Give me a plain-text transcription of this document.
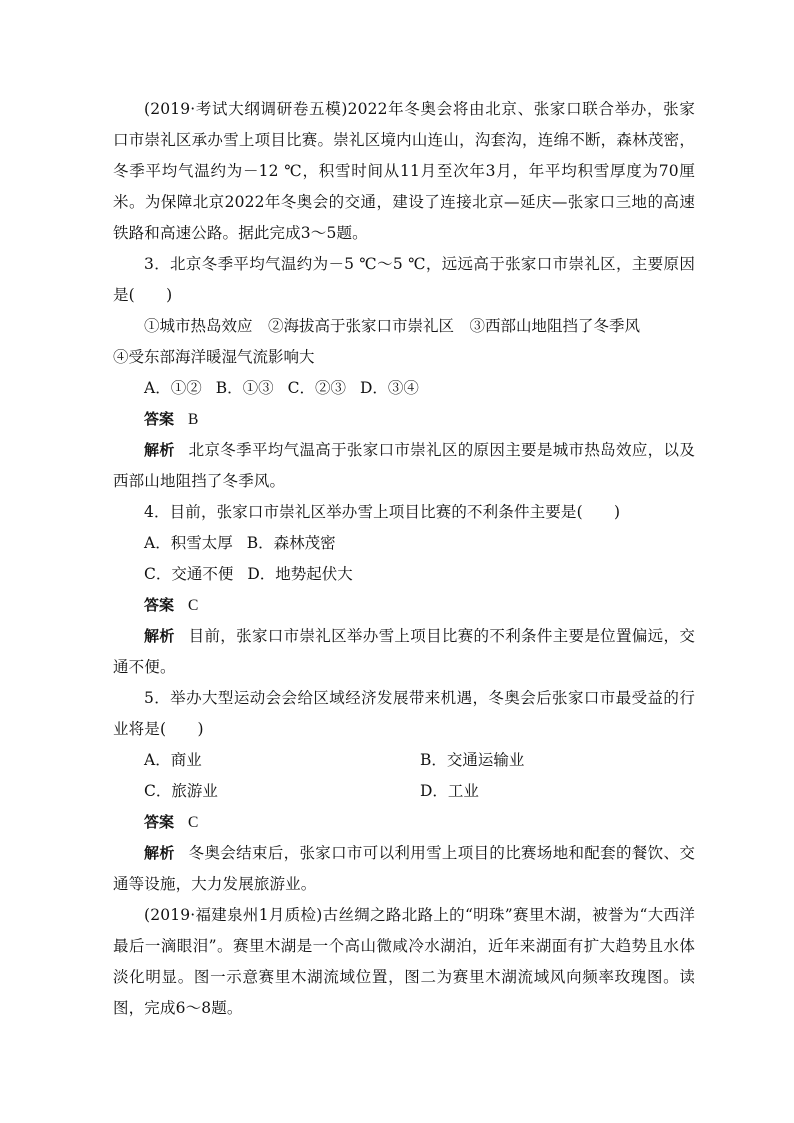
(2019·考试大纲调研卷五模)2022年冬奥会将由北京、张家口联合举办，张家口市崇礼区承办雪上项目比赛。崇礼区境内山连山，沟套沟，连绵不断，森林茂密，冬季平均气温约为－12 ℃，积雪时间从11月至次年3月，年平均积雪厚度为70厘米。为保障北京2022年冬奥会的交通，建设了连接北京—延庆—张家口三地的高速铁路和高速公路。据此完成3～5题。

3．北京冬季平均气温约为－5 ℃～5 ℃，远远高于张家口市崇礼区，主要原因是(　　)

①城市热岛效应　②海拔高于张家口市崇礼区　③西部山地阻挡了冬季风

④受东部海洋暖湿气流影响大

A．①② B．①③ C．②③ D．③④

答案 B

解析 北京冬季平均气温高于张家口市崇礼区的原因主要是城市热岛效应，以及西部山地阻挡了冬季风。

4．目前，张家口市崇礼区举办雪上项目比赛的不利条件主要是(　　)

A．积雪太厚 B．森林茂密
C．交通不便 D．地势起伏大

答案 C

解析 目前，张家口市崇礼区举办雪上项目比赛的不利条件主要是位置偏远，交通不便。

5．举办大型运动会会给区域经济发展带来机遇，冬奥会后张家口市最受益的行业将是(　　)

A．商业	B．交通运输业
C．旅游业	D．工业

答案 C

解析 冬奥会结束后，张家口市可以利用雪上项目的比赛场地和配套的餐饮、交通等设施，大力发展旅游业。

(2019·福建泉州1月质检)古丝绸之路北路上的“明珠”赛里木湖，被誉为“大西洋最后一滴眼泪”。赛里木湖是一个高山微咸冷水湖泊，近年来湖面有扩大趋势且水体淡化明显。图一示意赛里木湖流域位置，图二为赛里木湖流域风向频率玫瑰图。读图，完成6～8题。
